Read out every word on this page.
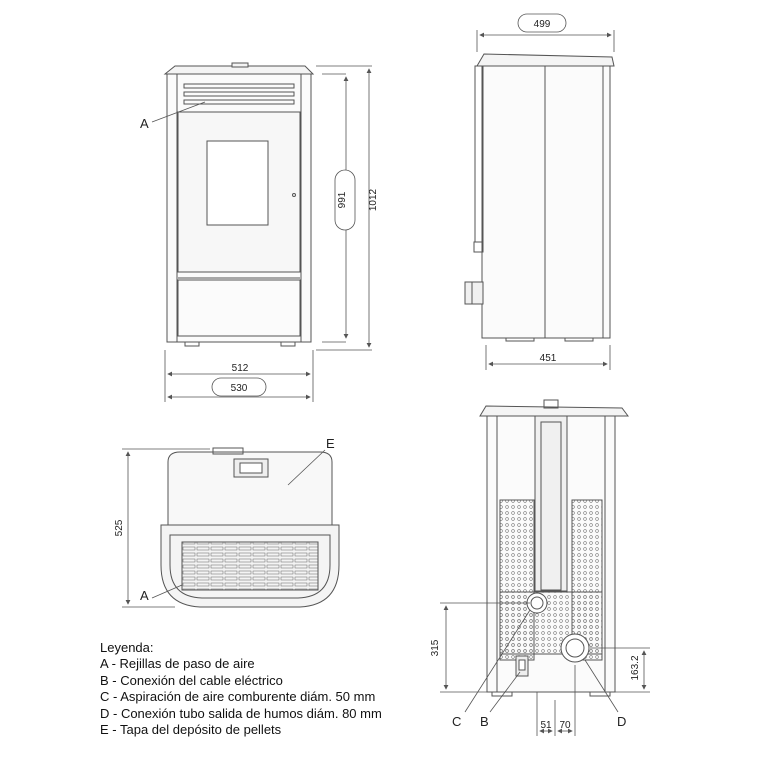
991 1012
512
530
A
499
451
525
E
A
315
163.2
51 70
C B	D
Leyenda:
A - Rejillas de paso de aire
B - Conexión del cable eléctrico
C - Aspiración de aire comburente diám. 50 mm
D - Conexión tubo salida de humos diám. 80 mm
E - Tapa del depósito de pellets
